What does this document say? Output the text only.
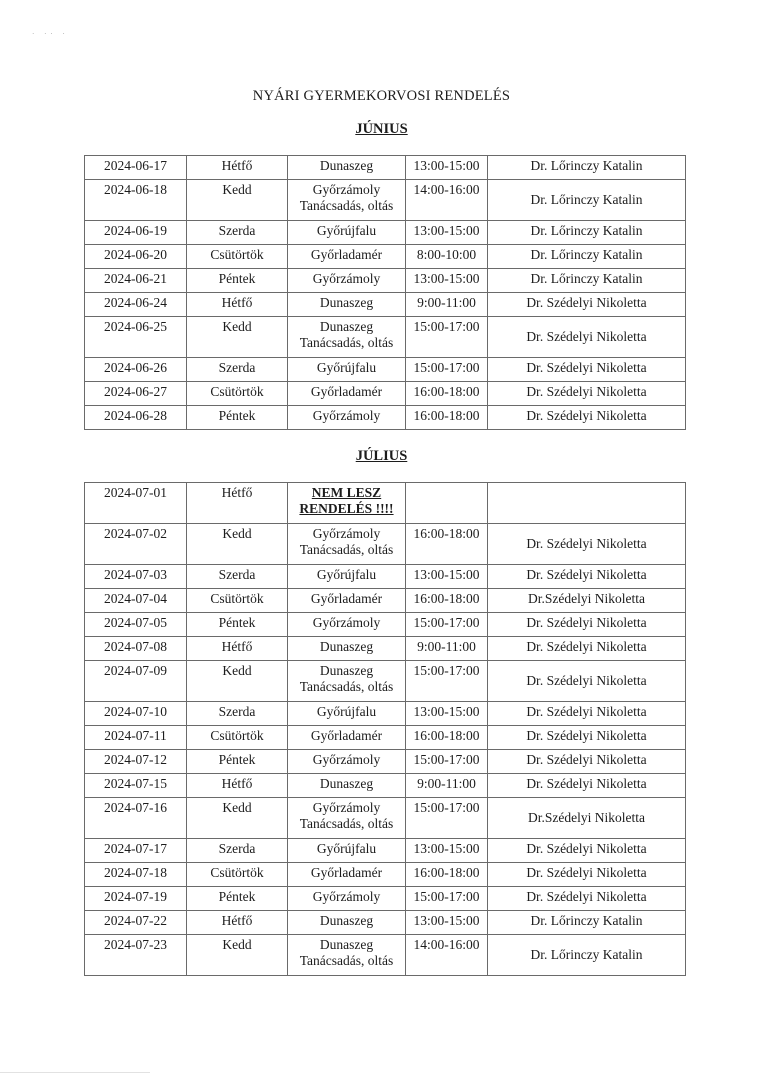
· ·· ·
NYÁRI GYERMEKORVOSI RENDELÉS
JÚNIUS
2024-06-17	Hétfő	Dunaszeg	13:00-15:00	Dr. Lőrinczy Katalin
2024-06-18	Kedd	Győrzámoly
Tanácsadás, oltás	14:00-16:00	Dr. Lőrinczy Katalin
2024-06-19	Szerda	Győrújfalu	13:00-15:00	Dr. Lőrinczy Katalin
2024-06-20	Csütörtök	Győrladamér	8:00-10:00	Dr. Lőrinczy Katalin
2024-06-21	Péntek	Győrzámoly	13:00-15:00	Dr. Lőrinczy Katalin
2024-06-24	Hétfő	Dunaszeg	9:00-11:00	Dr. Szédelyi Nikoletta
2024-06-25	Kedd	Dunaszeg
Tanácsadás, oltás	15:00-17:00	Dr. Szédelyi Nikoletta
2024-06-26	Szerda	Győrújfalu	15:00-17:00	Dr. Szédelyi Nikoletta
2024-06-27	Csütörtök	Győrladamér	16:00-18:00	Dr. Szédelyi Nikoletta
2024-06-28	Péntek	Győrzámoly	16:00-18:00	Dr. Szédelyi Nikoletta
JÚLIUS
2024-07-01	Hétfő	NEM LESZ
RENDELÉS !!!!		

2024-07-02	Kedd	Győrzámoly
Tanácsadás, oltás	16:00-18:00	Dr. Szédelyi Nikoletta
2024-07-03	Szerda	Győrújfalu	13:00-15:00	Dr. Szédelyi Nikoletta
2024-07-04	Csütörtök	Győrladamér	16:00-18:00	Dr.Szédelyi Nikoletta
2024-07-05	Péntek	Győrzámoly	15:00-17:00	Dr. Szédelyi Nikoletta
2024-07-08	Hétfő	Dunaszeg	9:00-11:00	Dr. Szédelyi Nikoletta
2024-07-09	Kedd	Dunaszeg
Tanácsadás, oltás	15:00-17:00	Dr. Szédelyi Nikoletta
2024-07-10	Szerda	Győrújfalu	13:00-15:00	Dr. Szédelyi Nikoletta
2024-07-11	Csütörtök	Győrladamér	16:00-18:00	Dr. Szédelyi Nikoletta
2024-07-12	Péntek	Győrzámoly	15:00-17:00	Dr. Szédelyi Nikoletta
2024-07-15	Hétfő	Dunaszeg	9:00-11:00	Dr. Szédelyi Nikoletta
2024-07-16	Kedd	Győrzámoly
Tanácsadás, oltás	15:00-17:00	Dr.Szédelyi Nikoletta
2024-07-17	Szerda	Győrújfalu	13:00-15:00	Dr. Szédelyi Nikoletta
2024-07-18	Csütörtök	Győrladamér	16:00-18:00	Dr. Szédelyi Nikoletta
2024-07-19	Péntek	Győrzámoly	15:00-17:00	Dr. Szédelyi Nikoletta
2024-07-22	Hétfő	Dunaszeg	13:00-15:00	Dr. Lőrinczy Katalin
2024-07-23	Kedd	Dunaszeg
Tanácsadás, oltás	14:00-16:00	Dr. Lőrinczy Katalin
